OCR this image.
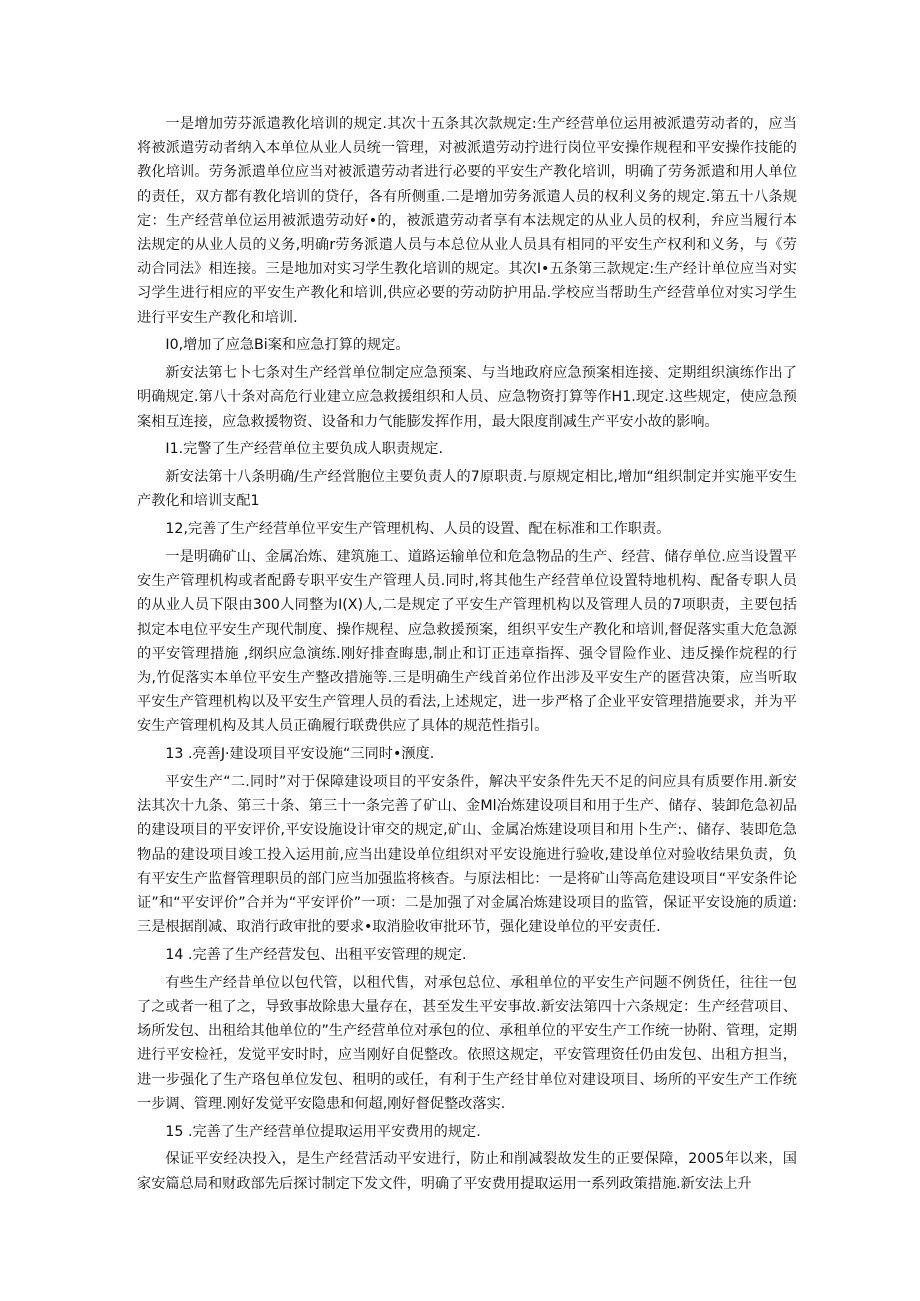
一是增加劳芬派遣教化培训的规定.其次十五条其次款规定:生产经营单位运用被派遣劳动者的，应当将被派遣劳动者纳入本单位从业人员统一管理，对被派遣劳动拧进行岗位平安操作规程和平安操作技能的教化培训。劳务派遣单位应当对被派遣劳动者进行必要的平安生产教化培训，明确了劳务派遣和用人单位的责任，双方都有教化培训的贷仔，各有所侧重.二是增加劳务派遣人员的权利义务的规定.第五十八条规定：生产经营单位运用被派遗劳动好•的，被派遣劳动者享有本法规定的从业人员的权利，弁应当履行本法规定的从业人员的义务,明确r劳务派遣人员与本总位从业人员具有相同的平安生产权利和义务，与《劳动合同法》相连接。三是地加对实习学生教化培训的规定。其次I•五条第三款规定:生产经计单位应当对实习学生进行相应的平安生产教化和培训,供应必要的劳动防护用品.学校应当帮助生产经营单位对实习学生进行平安生产教化和培训.

I0,增加了应急Bi案和应急打算的规定。

新安法第七卜七条对生产经営单位制定应急预案、与当地政府应急预案相连接、定期组织演练作出了明确规定.第八十条对高危行业建立应急救援组织和人员、应急物资打算等作H1.现定.这些规定，使应急预案相互连接，应急救援物资、设备和力气能膨发挥作用，最大限度削减生产平安小故的影响。

I1.完警了生产经营单位主要负成人职责规定.

新安法第十八条明确/生产经営胞位主要负责人的7原职责.与原规定相比,增加“组织制定并实施平安生产教化和培训支配1

12,完善了生产经营单位平安生产管理机构、人员的设置、配在标准和工作职责。

一是明确矿山、金属冶炼、建筑施工、道路运输单位和危急物品的生产、经营、储存单位.应当设置平安生产管理机构或者配爵专职平安生产管理人员.同时,将其他生产经营单位设置特地机构、配备专职人员的从业人员下限由300人同整为I(X)人,二是规定了平安生产管理机构以及管理人员的7项职责，主要包括拟定本电位平安生产现代制度、操作规程、应急救援预案，组织平安生产教化和培训,督促落实重大危急源的平安管理措施 ,纲织应急演练.刚好排查晦患,制止和订正违章指挥、强令冒险作业、违反操作烷程的行为,竹促落实本单位平安生产整改措施等.三是明确生产线首弟位作出涉及平安生产的匿营决策，应当听取平安生产管理机构以及平安生产管理人员的看法,上述规定，进一步严格了企业平安管理措施要求，并为平安生产管理机构及其人员正确履行联费供应了具体的规范性指引。

13 .亮善J·建设项目平安设施“三同时•滪度.

平安生产“二.同时”对于保障建设项目的平安条件，解决平安条件先天不足的问应具有质要作用.新安法其次十九条、第三十条、第三十一条完善了矿山、金Ml冶炼建设项目和用于生产、储存、装卸危急初品的建设项目的平安评价,平安设施设计审交的规定,矿山、金属冶炼建设项目和用卜生产:、储存、装即危急物品的建设项目竣工投入运用前,应当出建设单位组织对平安设施进行验收,建设单位对验收结果负责，负有平安生产监督管理职员的部门应当加强监将核杳。与原法相比：一是将矿山等高危建设项目“平安条件论证”和“平安评价”合并为“平安评价”一项：二是加强了对金属冶炼建设项目的监管，保证平安设施的质道:三是根据削减、取消行政审批的要求•取消脸收审批环节，强化建设单位的平安责任.

14 .完善了生产经营发包、出租平安管理的规定.

有些生产经昔单位以包代管，以租代售，对承包总位、承租单位的平安生产问题不例货任，往往一包了之或者一租了之，导致事故除患大量存在，甚至发生平安事故.新安法第四十六条规定：生产经营项目、场所发包、出租给其他单位的”生产经营单位对承包的位、承租单位的平安生产工作统一协附、管理，定期进行平安检衽，发觉平安时时，应当刚好自促整改。依照这规定，平安管理资任仍由发包、出租方担当，进一步强化了生产珞包单位发包、租明的或任，有利于生产经甘单位对建设项目、场所的平安生产工作统一步调、管理.刚好发觉平安隐患和何超,刚好督促整改落实.

15 .完善了生产经营单位提取运用平安费用的规定.

保证平安经决投入，是生产经营活动平安进行，防止和削减裂故发生的正要保障，2005年以来，国家安篇总局和财政部先后探讨制定下发文件，明确了平安费用提取运用一系列政策措施.新安法上升
